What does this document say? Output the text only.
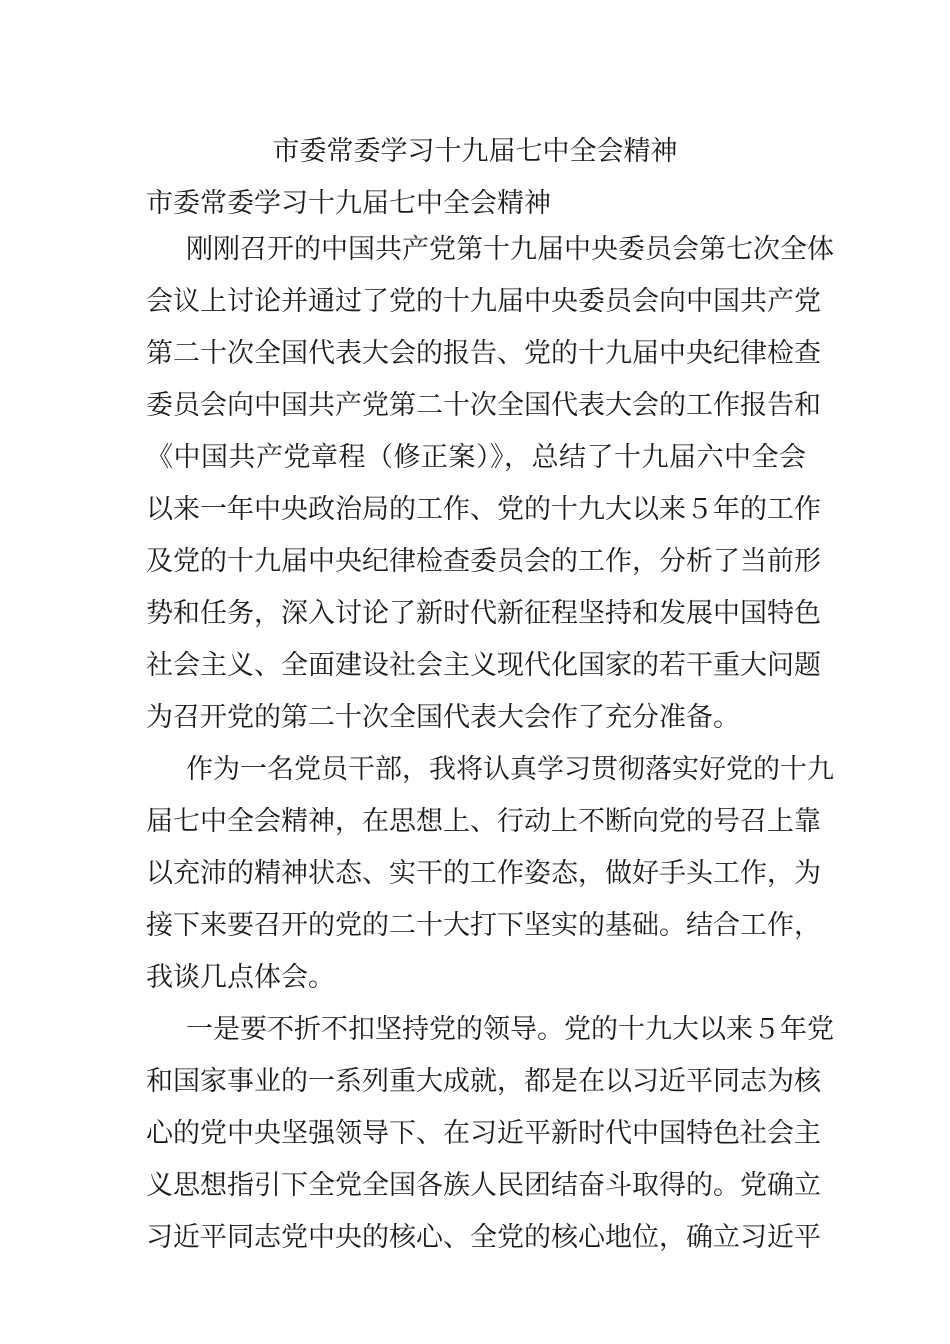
市委常委学习十九届七中全会精神
市委常委学习十九届七中全会精神
刚刚召开的中国共产党第十九届中央委员会第七次全体
会议上讨论并通过了党的十九届中央委员会向中国共产党
第二十次全国代表大会的报告、党的十九届中央纪律检查
委员会向中国共产党第二十次全国代表大会的工作报告和
《中国共产党章程（修正案）》，总结了十九届六中全会
以来一年中央政治局的工作、党的十九大以来５年的工作
及党的十九届中央纪律检查委员会的工作，分析了当前形
势和任务，深入讨论了新时代新征程坚持和发展中国特色
社会主义、全面建设社会主义现代化国家的若干重大问题
为召开党的第二十次全国代表大会作了充分准备。
作为一名党员干部，我将认真学习贯彻落实好党的十九
届七中全会精神，在思想上、行动上不断向党的号召上靠
以充沛的精神状态、实干的工作姿态，做好手头工作，为
接下来要召开的党的二十大打下坚实的基础。结合工作，
我谈几点体会。
一是要不折不扣坚持党的领导。党的十九大以来５年党
和国家事业的一系列重大成就，都是在以习近平同志为核
心的党中央坚强领导下、在习近平新时代中国特色社会主
义思想指引下全党全国各族人民团结奋斗取得的。党确立
习近平同志党中央的核心、全党的核心地位，确立习近平
